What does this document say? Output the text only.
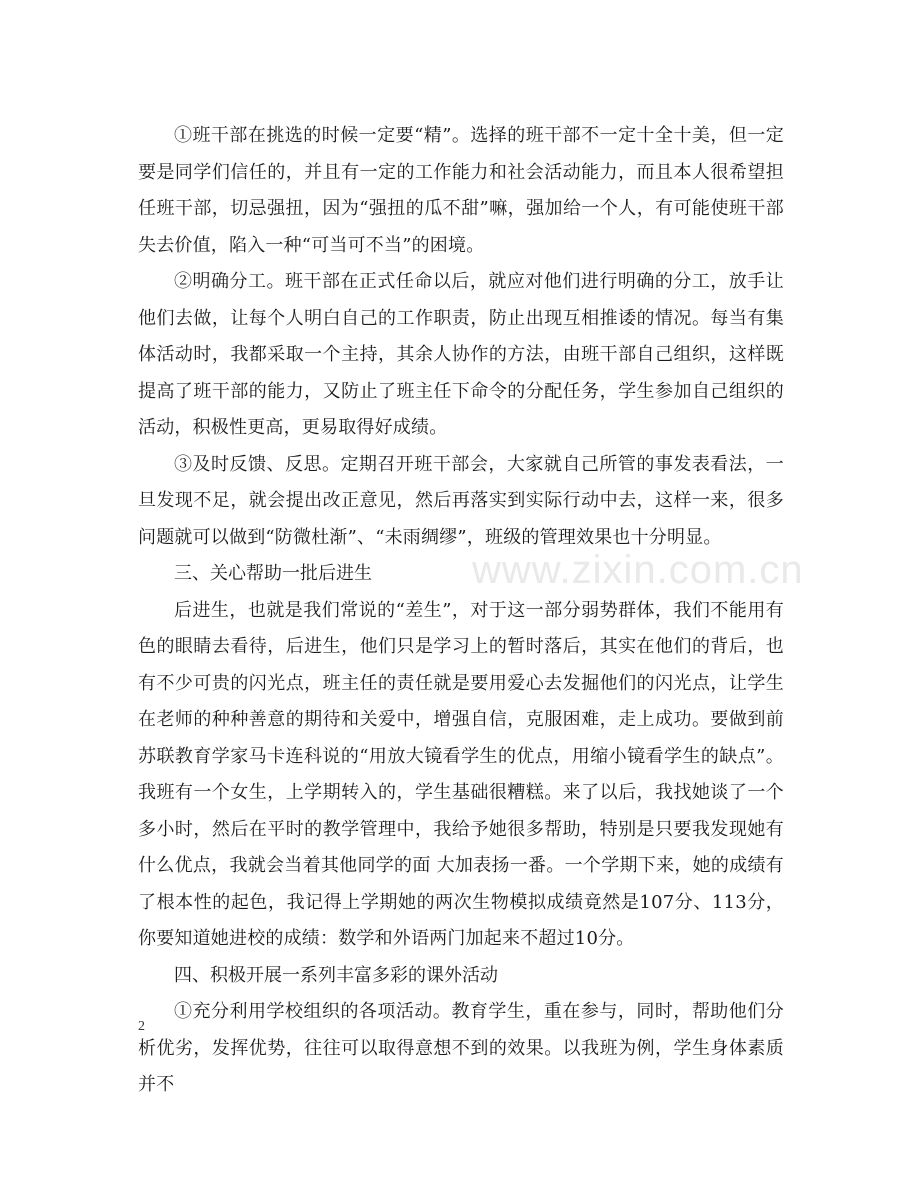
www.zixin.com.cn

①班干部在挑选的时候一定要“精”。选择的班干部不一定十全十美，但一定要是同学们信任的，并且有一定的工作能力和社会活动能力，而且本人很希望担任班干部，切忌强扭，因为“强扭的瓜不甜”嘛，强加给一个人，有可能使班干部失去价值，陷入一种“可当可不当”的困境。

②明确分工。班干部在正式任命以后，就应对他们进行明确的分工，放手让他们去做，让每个人明白自己的工作职责，防止出现互相推诿的情况。每当有集体活动时，我都采取一个主持，其余人协作的方法，由班干部自己组织，这样既提高了班干部的能力，又防止了班主任下命令的分配任务，学生参加自己组织的活动，积极性更高，更易取得好成绩。

③及时反馈、反思。定期召开班干部会，大家就自己所管的事发表看法，一旦发现不足，就会提出改正意见，然后再落实到实际行动中去，这样一来，很多问题就可以做到“防微杜渐”、“未雨绸缪”，班级的管理效果也十分明显。

三、关心帮助一批后进生

后进生，也就是我们常说的“差生”，对于这一部分弱势群体，我们不能用有色的眼睛去看待，后进生，他们只是学习上的暂时落后，其实在他们的背后，也有不少可贵的闪光点，班主任的责任就是要用爱心去发掘他们的闪光点，让学生在老师的种种善意的期待和关爱中，增强自信，克服困难，走上成功。要做到前苏联教育学家马卡连科说的“用放大镜看学生的优点，用缩小镜看学生的缺点”。 我班有一个女生，上学期转入的，学生基础很糟糕。来了以后，我找她谈了一个多小时，然后在平时的教学管理中，我给予她很多帮助，特别是只要我发现她有什么优点，我就会当着其他同学的面 大加表扬一番。一个学期下来，她的成绩有了根本性的起色，我记得上学期她的两次生物模拟成绩竟然是107分、113分，你要知道她进校的成绩：数学和外语两门加起来不超过10分。

四、积极开展一系列丰富多彩的课外活动

①充分利用学校组织的各项活动。教育学生，重在参与，同时，帮助他们分析优劣，发挥优势，往往可以取得意想不到的效果。以我班为例，学生身体素质并不

2
